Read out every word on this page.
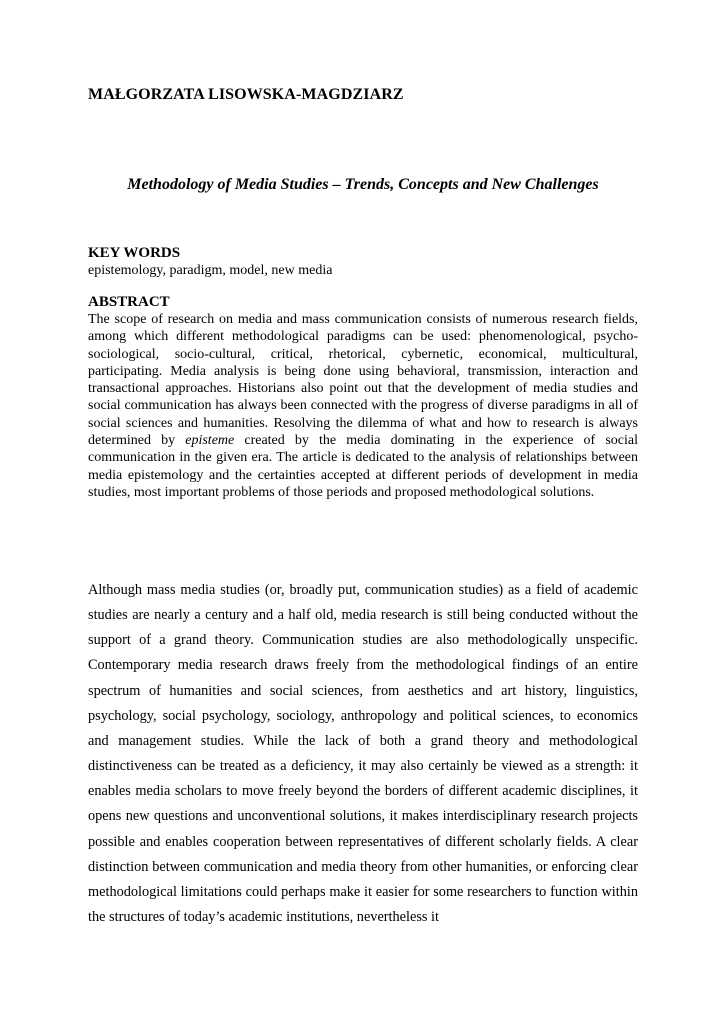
MAŁGORZATA LISOWSKA-MAGDZIARZ
Methodology of Media Studies – Trends, Concepts and New Challenges
KEY WORDS
epistemology, paradigm, model, new media
ABSTRACT
The scope of research on media and mass communication consists of numerous research fields, among which different methodological paradigms can be used: phenomenological, psycho-sociological, socio-cultural, critical, rhetorical, cybernetic, economical, multicultural, participating. Media analysis is being done using behavioral, transmission, interaction and transactional approaches. Historians also point out that the development of media studies and social communication has always been connected with the progress of diverse paradigms in all of social sciences and humanities. Resolving the dilemma of what and how to research is always determined by episteme created by the media dominating in the experience of social communication in the given era. The article is dedicated to the analysis of relationships between media epistemology and the certainties accepted at different periods of development in media studies, most important problems of those periods and proposed methodological solutions.
Although mass media studies (or, broadly put, communication studies) as a field of academic studies are nearly a century and a half old, media research is still being conducted without the support of a grand theory. Communication studies are also methodologically unspecific. Contemporary media research draws freely from the methodological findings of an entire spectrum of humanities and social sciences, from aesthetics and art history, linguistics, psychology, social psychology, sociology, anthropology and political sciences, to economics and management studies. While the lack of both a grand theory and methodological distinctiveness can be treated as a deficiency, it may also certainly be viewed as a strength: it enables media scholars to move freely beyond the borders of different academic disciplines, it opens new questions and unconventional solutions, it makes interdisciplinary research projects possible and enables cooperation between representatives of different scholarly fields. A clear distinction between communication and media theory from other humanities, or enforcing clear methodological limitations could perhaps make it easier for some researchers to function within the structures of today’s academic institutions, nevertheless it
